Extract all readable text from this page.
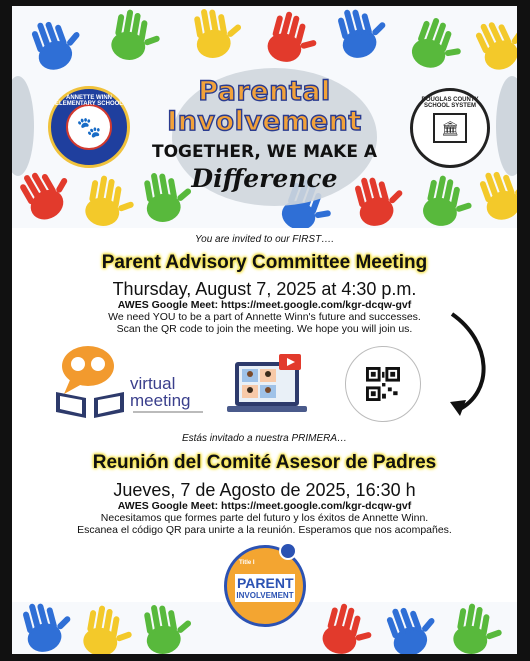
🐾
ANNETTE WINN ELEMENTARY SCHOOL
🏛
DOUGLAS COUNTY SCHOOL SYSTEM
Parental
Involvement
TOGETHER, WE MAKE A
Difference
You are invited to our FIRST….
Parent Advisory Committee Meeting
Thursday, August 7, 2025 at 4:30 p.m.
AWES Google Meet: https://meet.google.com/kgr-dcqw-gvf
We need YOU to be a part of Annette Winn's future and successes.
Scan the QR code to join the meeting. We hope you will join us.
virtual
meeting
Estás invitado a nuestra PRIMERA…
Reunión del Comité Asesor de Padres
Jueves, 7 de Agosto de 2025, 16:30 h
AWES Google Meet: https://meet.google.com/kgr-dcqw-gvf
Necesitamos que formes parte del futuro y los éxitos de Annette Winn.
Escanea el código QR para unirte a la reunión. Esperamos que nos acompañes.
Title I
PARENT
INVOLVEMENT
